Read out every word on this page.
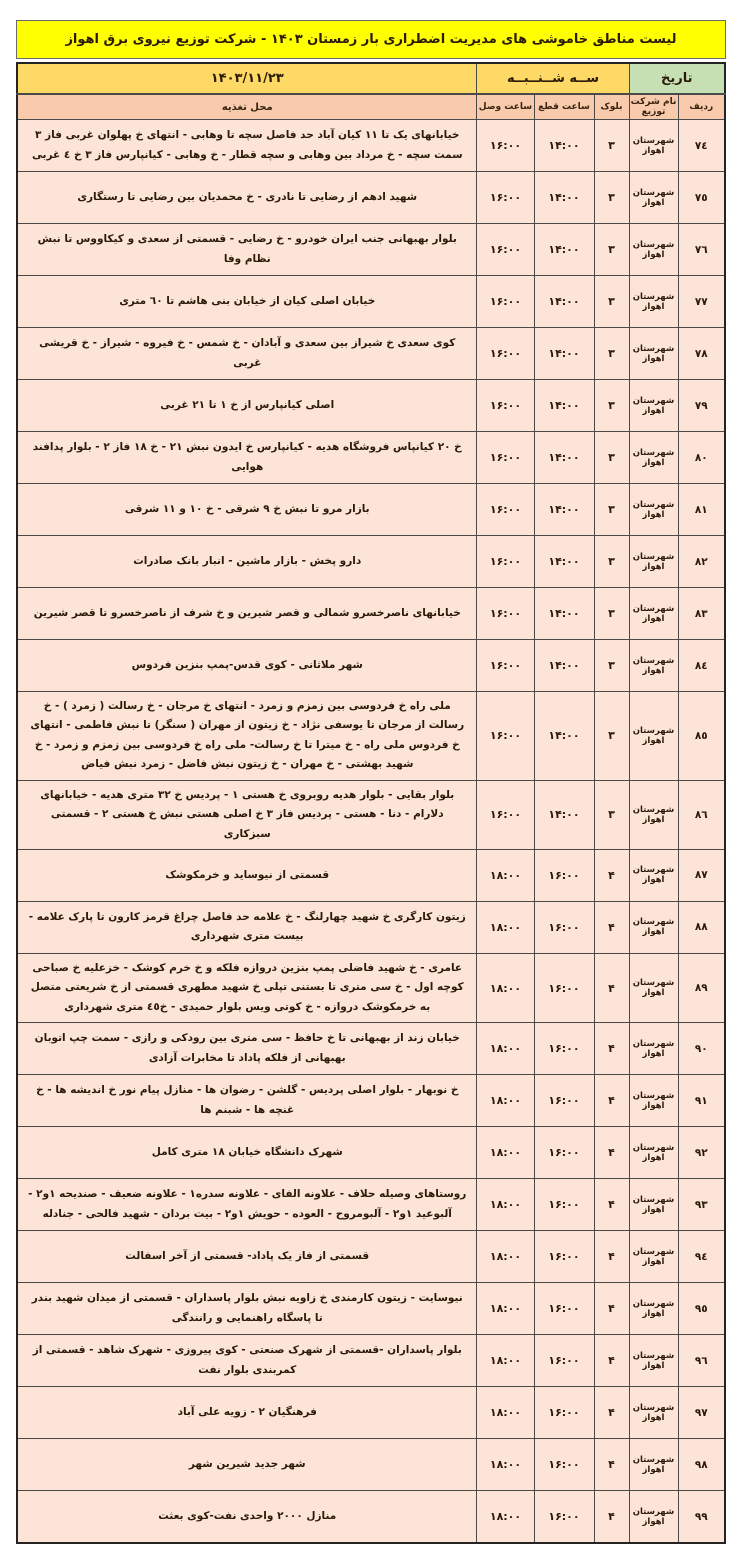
لیست مناطق خاموشی های مدیریت اضطراری بار زمستان ۱۴۰۳ - شرکت توزیع نیروی برق اهواز
تاریخ		ســه شــنــبــه			۱۴۰۳/۱۱/۲۳
ردیف	نام شرکت توزیع	بلوک	ساعت قطع	ساعت وصل	محل تغذیه
٧٤	شهرستان اهواز	۳	۱۴:۰۰	۱۶:۰۰	خیابانهای یک تا ۱۱ کیان آباد حد فاصل سچه تا وهابی - انتهای خ پهلوان غربی فاز ۳ سمت سچه - خ مرداد بین وهابی و سچه قطار - خ وهابی - کیانپارس فاز ۳ خ ٤ غربی
٧٥	شهرستان اهواز	۳	۱۴:۰۰	۱۶:۰۰	شهید ادهم از رضایی تا نادری - خ محمدیان بین رضایی تا رستگاری
٧٦	شهرستان اهواز	۳	۱۴:۰۰	۱۶:۰۰	بلوار بهبهانی جنب ایران خودرو - خ رضایی - قسمتی از سعدی و کیکاووس تا نبش نظام وفا
٧٧	شهرستان اهواز	۳	۱۴:۰۰	۱۶:۰۰	خیابان اصلی کیان از خیابان بنی هاشم تا ٦٠ متری
٧٨	شهرستان اهواز	۳	۱۴:۰۰	۱۶:۰۰	کوی سعدی خ شیراز بین سعدی و آبادان - خ شمس - خ فیروه - شیراز - خ قریشی غربی
٧٩	شهرستان اهواز	۳	۱۴:۰۰	۱۶:۰۰	اصلی کیانپارس از خ ۱ تا ۲۱ غربی
٨٠	شهرستان اهواز	۳	۱۴:۰۰	۱۶:۰۰	خ ۲۰ کیانپاس فروشگاه هدیه - کیانپارس خ ایدون نبش ۲۱ - خ ۱۸ فاز ۲ - بلوار پدافند هوایی
٨١	شهرستان اهواز	۳	۱۴:۰۰	۱۶:۰۰	بازار مرو تا نبش خ ۹ شرقی - خ ۱۰ و ۱۱ شرقی
٨٢	شهرستان اهواز	۳	۱۴:۰۰	۱۶:۰۰	دارو پخش - بازار ماشین - انبار بانک صادرات
٨٣	شهرستان اهواز	۳	۱۴:۰۰	۱۶:۰۰	خیابانهای ناصرخسرو شمالی و قصر شیرین و خ شرف از ناصرخسرو تا قصر شیرین
٨٤	شهرستان اهواز	۳	۱۴:۰۰	۱۶:۰۰	شهر ملاثانی - کوی قدس-پمپ بنزین فردوس
٨٥	شهرستان اهواز	۳	۱۴:۰۰	۱۶:۰۰	ملی راه خ فردوسی بین زمزم و زمرد - انتهای خ مرجان - خ رسالت ( زمرد ) - خ رسالت از مرجان تا یوسفی نژاد - خ زیتون از مهران ( سنگر) تا نبش فاطمی - انتهای خ فردوس ملی راه - خ میترا تا خ رسالت- ملی راه خ فردوسی بین زمزم و زمرد - خ شهید بهشتی - خ مهران - خ زیتون نبش فاضل - زمرد نبش فیاض
٨٦	شهرستان اهواز	۳	۱۴:۰۰	۱۶:۰۰	بلوار بقایی - بلوار هدیه روبروی خ هستی ۱ - پردیس خ ۳۲ متری هدیه - خیابانهای دلارام - دنا - هستی - پردیس فاز ۳ خ اصلی هستی نبش خ هستی ۲ - قسمتی سبزکاری
٨٧	شهرستان اهواز	۴	۱۶:۰۰	۱۸:۰۰	قسمتی از نیوساید و خرمکوشک
٨٨	شهرستان اهواز	۴	۱۶:۰۰	۱۸:۰۰	زیتون کارگری خ شهید چهارلنگ - خ علامه حد فاصل چراغ قرمز کارون تا پارک علامه - بیست متری شهرداری
٨٩	شهرستان اهواز	۴	۱۶:۰۰	۱۸:۰۰	عامری - خ شهید فاضلی پمپ بنزین دروازه فلکه و خ خرم کوشک - خزعلیه خ صباحی کوچه اول - خ سی متری تا بستنی تپلی خ شهید مطهری قسمتی از خ شریعتی متصل به خرمکوشک دروازه - خ کوتی ویس بلوار حمیدی - خ٤٥ متری شهرداری
٩٠	شهرستان اهواز	۴	۱۶:۰۰	۱۸:۰۰	خیابان زند از بهبهانی تا خ حافظ - سی متری بین رودکی و رازی - سمت چپ اتوبان بهبهانی از فلکه پاداد تا مخابرات آزادی
٩١	شهرستان اهواز	۴	۱۶:۰۰	۱۸:۰۰	خ نوبهار - بلوار اصلی پردیس - گلشن - رضوان ها - منازل پیام نور خ اندیشه ها - خ غنچه ها - شبنم ها
٩٢	شهرستان اهواز	۴	۱۶:۰۰	۱۸:۰۰	شهرک دانشگاه خیابان ۱۸ متری کامل
٩٣	شهرستان اهواز	۴	۱۶:۰۰	۱۸:۰۰	روستاهای وصیله حلاف - علاونه الفای - علاونه سدره۱ - علاونه ضعیف - صندیحه ۱و۲ - آلبوعید ۱و۲ - آلبومروح - العوده - حویش ۱و۲ - بیت بردان - شهید فالحی - جنادله
٩٤	شهرستان اهواز	۴	۱۶:۰۰	۱۸:۰۰	قسمتی از فاز یک پاداد- قسمتی از آخر اسفالت
٩٥	شهرستان اهواز	۴	۱۶:۰۰	۱۸:۰۰	نیوسایت - زیتون کارمندی خ زاویه نبش بلوار پاسداران - قسمتی از میدان شهید بندر تا پاسگاه راهنمایی و رانندگی
٩٦	شهرستان اهواز	۴	۱۶:۰۰	۱۸:۰۰	بلوار پاسداران -قسمتی از شهرک صنعتی - کوی پیروزی - شهرک شاهد - قسمتی از کمربندی بلوار نفت
٩٧	شهرستان اهواز	۴	۱۶:۰۰	۱۸:۰۰	فرهنگیان ۲ - زویه علی آباد
٩٨	شهرستان اهواز	۴	۱۶:۰۰	۱۸:۰۰	شهر جدید شیرین شهر
٩٩	شهرستان اهواز	۴	۱۶:۰۰	۱۸:۰۰	منازل ۲۰۰۰ واحدی نفت-کوی بعثت
